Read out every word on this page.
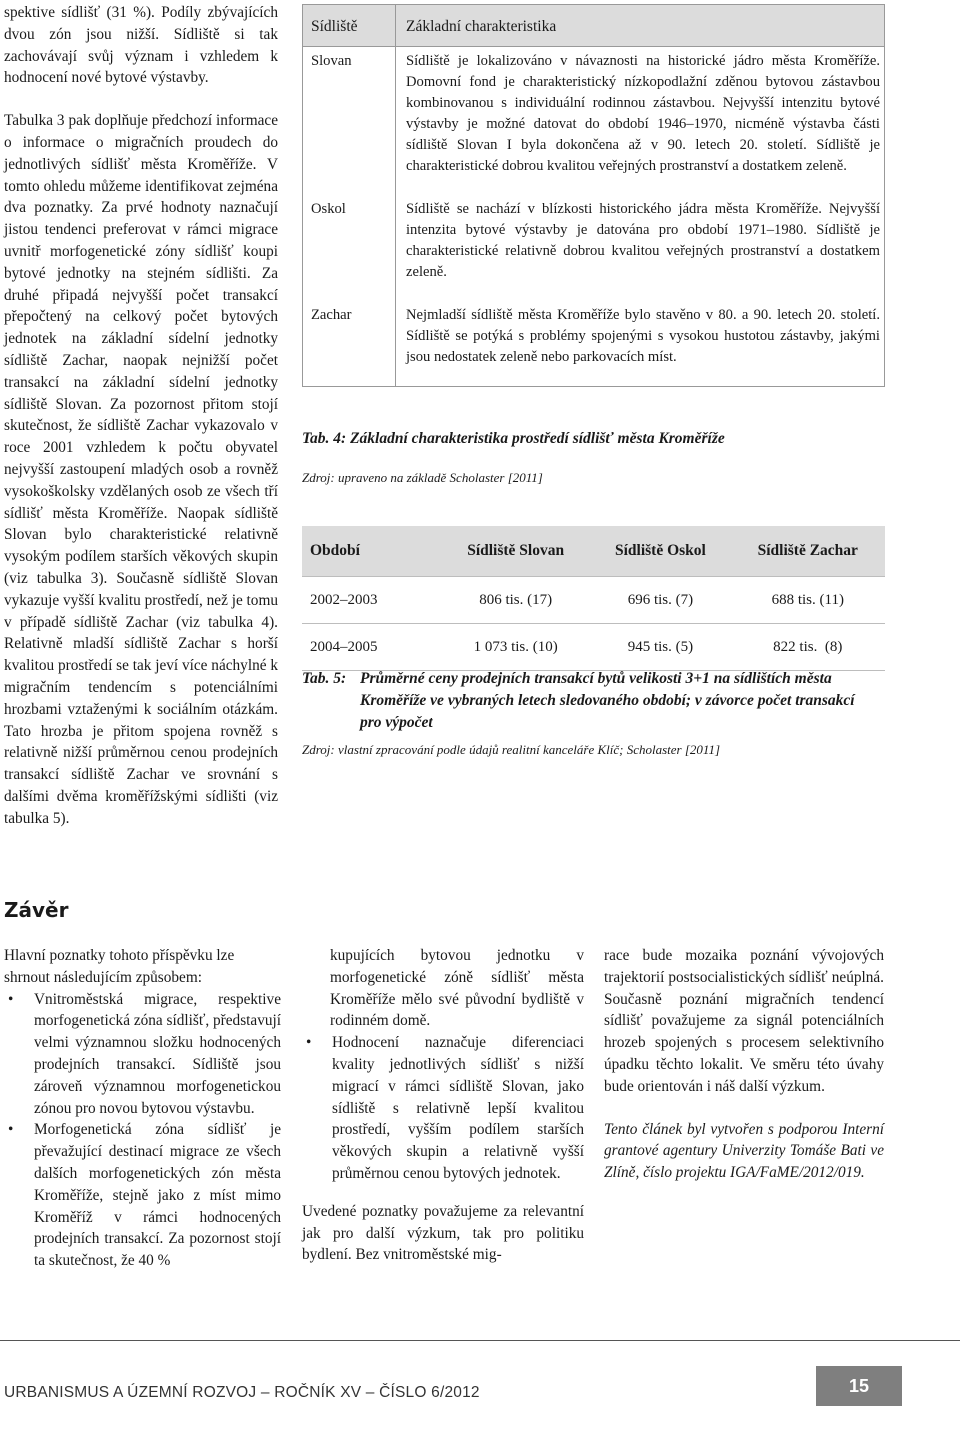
spektive sídlišť (31 %). Podíly zbývajících dvou zón jsou nižší. Sídliště si tak zachovávají svůj význam i vzhledem k hodnocení nové bytové výstavby.

Tabulka 3 pak doplňuje předchozí informace o informace o migračních proudech do jednotlivých sídlišť města Kroměříže. V tomto ohledu můžeme identifikovat zejména dva poznatky. Za prvé hodnoty naznačují jistou tendenci preferovat v rámci migrace uvnitř morfogenetické zóny sídlišť koupi bytové jednotky na stejném sídlišti. Za druhé připadá nejvyšší počet transakcí přepočtený na celkový počet bytových jednotek na základní sídelní jednotky sídliště Zachar, naopak nejnižší počet transakcí na základní sídelní jednotky sídliště Slovan. Za pozornost přitom stojí skutečnost, že sídliště Zachar vykazovalo v roce 2001 vzhledem k počtu obyvatel nejvyšší zastoupení mladých osob a rovněž vysokoškolsky vzdělaných osob ze všech tří sídlišť města Kroměříže. Naopak sídliště Slovan bylo charakteristické relativně vysokým podílem starších věkových skupin (viz tabulka 3). Současně sídliště Slovan vykazuje vyšší kvalitu prostředí, než je tomu v případě sídliště Zachar (viz tabulka 4). Relativně mladší sídliště Zachar s horší kvalitou prostředí se tak jeví více náchylné k migračním tendencím s potenciálními hrozbami vztaženými k sociálním otázkám. Tato hrozba je přitom spojena rovněž s relativně nižší průměrnou cenou prodejních transakcí sídliště Zachar ve srovnání s dalšími dvěma kroměřížskými sídlišti (viz tabulka 5).

Sídliště	Základní charakteristika
Slovan	Sídliště je lokalizováno v návaznosti na historické jádro města Kroměříže. Domovní fond je charakteristický nízkopodlažní zděnou bytovou zástavbou kombinovanou s individuální rodinnou zástavbou. Nejvyšší intenzitu bytové výstavby je možné datovat do období 1946–1970, nicméně výstavba části sídliště Slovan I byla dokončena až v 90. letech 20. století. Sídliště je charakteristické dobrou kvalitou veřejných prostranství a dostatkem zeleně.
Oskol	Sídliště se nachází v blízkosti historického jádra města Kroměříže. Nejvyšší intenzita bytové výstavby je datována pro období 1971–1980. Sídliště je charakteristické relativně dobrou kvalitou veřejných prostranství a dostatkem zeleně.
Zachar	Nejmladší sídliště města Kroměříže bylo stavěno v 80. a 90. letech 20. století. Sídliště se potýká s problémy spojenými s vysokou hustotou zástavby, jakými jsou nedostatek zeleně nebo parkovacích míst.
Tab. 4: Základní charakteristika prostředí sídlišť města Kroměříže
Zdroj: upraveno na základě Scholaster [2011]
Období	Sídliště Slovan	Sídliště Oskol	Sídliště Zachar
2002–2003	806 tis. (17)	696 tis. (7)	688 tis. (11)
2004–2005	1 073 tis. (10)	945 tis. (5)	822 tis.  (8)
Tab. 5: Průměrné ceny prodejních transakcí bytů velikosti 3+1 na sídlištích města Kroměříže ve vybraných letech sledovaného období; v závorce počet transakcí pro výpočet
Zdroj: vlastní zpracování podle údajů realitní kanceláře Klíč; Scholaster [2011]
Závěr

Hlavní poznatky tohoto příspěvku lze shrnout následujícím způsobem:

• Vnitroměstská migrace, respektive morfogenetická zóna sídlišť, představují velmi významnou složku hodnocených prodejních transakcí. Sídliště jsou zároveň významnou morfogenetickou zónou pro novou bytovou výstavbu.
• Morfogenetická zóna sídlišť je převažující destinací migrace ze všech dalších morfogenetických zón města Kroměříže, stejně jako z míst mimo Kroměříž v rámci hodnocených prodejních transakcí. Za pozornost stojí ta skutečnost, že 40 %

kupujících bytovou jednotku v morfogenetické zóně sídlišť města Kroměříže mělo své původní bydliště v rodinném domě.

• Hodnocení naznačuje diferenciaci kvality jednotlivých sídlišť s nižší migrací v rámci sídliště Slovan, jako sídliště s relativně lepší kvalitou prostředí, vyšším podílem starších věkových skupin a relativně vyšší průměrnou cenou bytových jednotek.

Uvedené poznatky považujeme za relevantní jak pro další výzkum, tak pro politiku bydlení. Bez vnitroměstské mig-

race bude mozaika poznání vývojových trajektorií postsocialistických sídlišť neúplná. Současně poznání migračních tendencí sídlišť považujeme za signál potenciálních hrozeb spojených s procesem selektivního úpadku těchto lokalit. Ve směru této úvahy bude orientován i náš další výzkum.

Tento článek byl vytvořen s podporou Interní grantové agentury Univerzity Tomáše Bati ve Zlíně, číslo projektu IGA/FaME/2012/019.

URBANISMUS A ÚZEMNÍ ROZVOJ – ROČNÍK XV – ČÍSLO 6/2012	15
